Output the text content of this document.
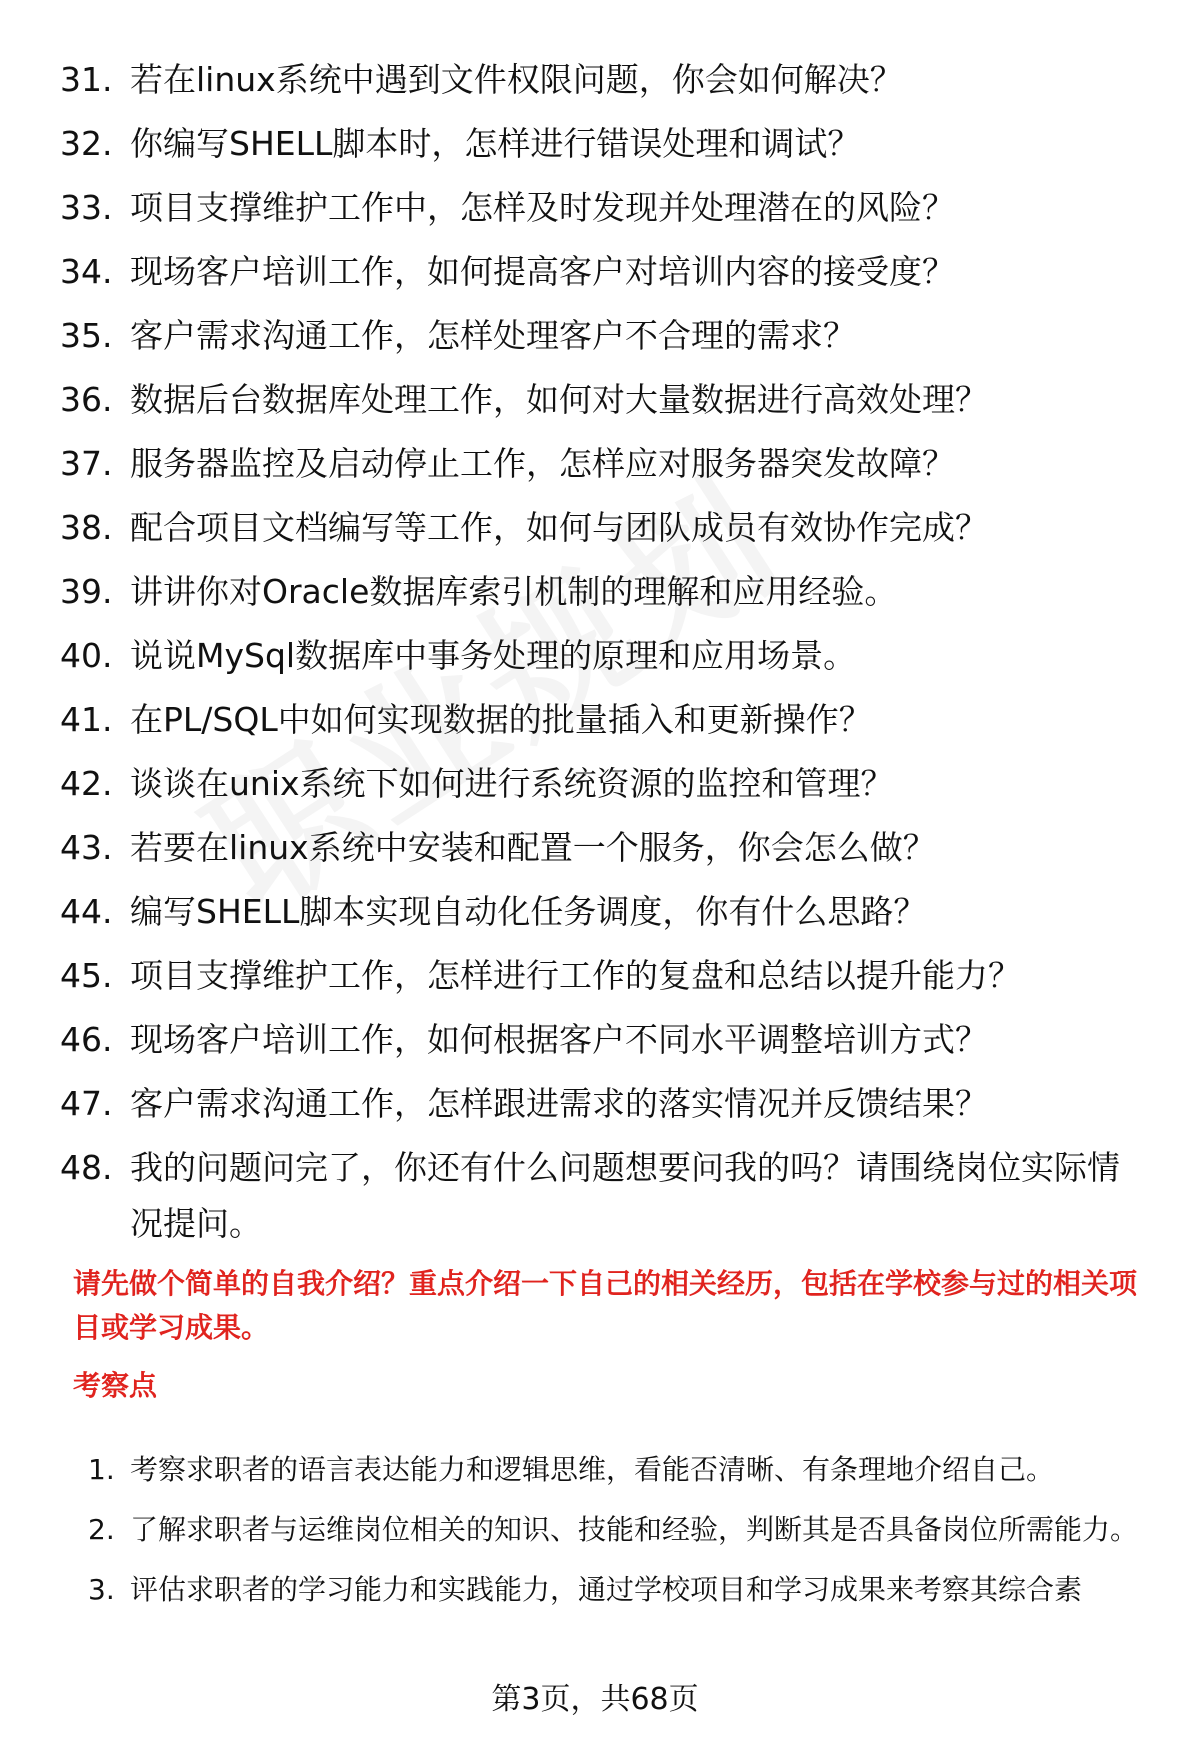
31. 若在linux系统中遇到文件权限问题，你会如何解决？
32. 你编写SHELL脚本时，怎样进行错误处理和调试？
33. 项目支撑维护工作中，怎样及时发现并处理潜在的风险？
34. 现场客户培训工作，如何提高客户对培训内容的接受度？
35. 客户需求沟通工作，怎样处理客户不合理的需求？
36. 数据后台数据库处理工作，如何对大量数据进行高效处理？
37. 服务器监控及启动停止工作，怎样应对服务器突发故障？
38. 配合项目文档编写等工作，如何与团队成员有效协作完成？
39. 讲讲你对Oracle数据库索引机制的理解和应用经验。
40. 说说MySql数据库中事务处理的原理和应用场景。
41. 在PL/SQL中如何实现数据的批量插入和更新操作？
42. 谈谈在unix系统下如何进行系统资源的监控和管理？
43. 若要在linux系统中安装和配置一个服务，你会怎么做？
44. 编写SHELL脚本实现自动化任务调度，你有什么思路？
45. 项目支撑维护工作，怎样进行工作的复盘和总结以提升能力？
46. 现场客户培训工作，如何根据客户不同水平调整培训方式？
47. 客户需求沟通工作，怎样跟进需求的落实情况并反馈结果？
48. 我的问题问完了，你还有什么问题想要问我的吗？请围绕岗位实际情况提问。
请先做个简单的自我介绍？重点介绍一下自己的相关经历，包括在学校参与过的相关项目或学习成果。
考察点
1. 考察求职者的语言表达能力和逻辑思维，看能否清晰、有条理地介绍自己。
2. 了解求职者与运维岗位相关的知识、技能和经验，判断其是否具备岗位所需能力。
3. 评估求职者的学习能力和实践能力，通过学校项目和学习成果来考察其综合素
第3页，共68页
